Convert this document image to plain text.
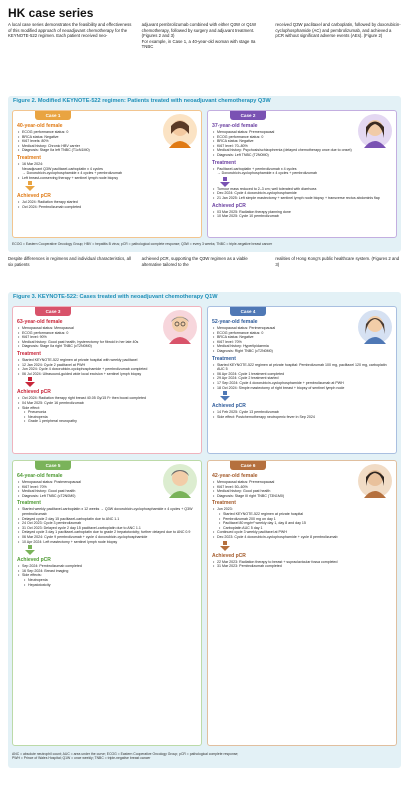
HK case series

A local case series demonstrates the feasibility and effectiveness of this modified approach of neoadjuvant chemotherapy for the KEYNOTE-522 regimen. Each patient received neo-

adjuvant pembrolizumab combined with either Q3W or Q1W chemotherapy, followed by surgery and adjuvant treatment. (Figures 2 and 3)
For example, in Case 1, a 40-year-old woman with stage IIa TNBC

received Q3W paclitaxel and carboplatin, followed by doxorubicin-cyclophosphamide (AC) and pembrolizumab, and achieved a pCR without significant adverse events (AEs). (Figure 2)

Figure 2. Modified KEYNOTE-522 regimen: Patients treated with neoadjuvant chemotherapy Q3W
Case 1
40-year-old female
• ECOG performance status: 0
• BRCA status: Negative
• Ki67 levels: 80%
• Medical history: Chronic HBV carrier
• Diagnosis: Stage IIa left TNBC (T1cN1M0)
Treatment
• 16 Mar 2024:
Neoadjuvant Q3W paclitaxel-carboplatin x 4 cycles
→ Doxorubicin-cyclophosphamide x 4 cycles + pembrolizumab
• Left breast-conserving therapy + sentinel lymph node biopsy
Achieved pCR
• Jul 2024: Radiation therapy started
• Oct 2024: Pembrolizumab completed
Case 2
37-year-old female
• Menopausal status: Premenopausal
• ECOG performance status: 0
• BRCA status: Negative
• Ki67 level: 70–80%
• Medical history: Psychosis/schizophrenia (delayed chemotherapy once due to onset)
• Diagnosis: Left TNBC (T2N0M0)
Treatment
• Paclitaxel-carboplatin + pembrolizumab x 4 cycles
→ Doxorubicin-cyclophosphamide x 4 cycles + pembrolizumab
• Tumour mass reduced to 2–3 cm; well tolerated with diarrhoea
• Dec 2024: Cycle 4 doxorubicin-cyclophosphamide
• 21 Jan 2025: Left simple mastectomy + sentinel lymph node biopsy + transverse rectus abdominis flap
Achieved pCR
• 03 Mar 2025: Radiation therapy planning done
• 10 Mar 2025: Cycle 10 pembrolizumab
ECOG = Eastern Cooperative Oncology Group; HBV = hepatitis B virus; pCR = pathological complete response; Q3W = every 3 weeks; TNBC = triple-negative breast cancer

Despite differences in regimens and individual characteristics, all six patients

achieved pCR, supporting the Q3W regimen as a viable alternative tailored to the

realities of Hong Kong's public healthcare system. (Figures 2 and 3)

Figure 3. KEYNOTE-522: Cases treated with neoadjuvant chemotherapy Q1W
Case 3
63-year-old female
• Menopausal status: Menopausal
• ECOG performance status: 0
• Ki67 level: 90%
• Medical history: Good past health, hysterectomy for fibroid in her late 40s
• Diagnosis: Stage IIa right TNBC (cT2N0M0)
Treatment
• Started KEYNOTE-522 regimen at private hospital with weekly paclitaxel
• 12 Jan 2024: Cycle 2 paclitaxel at PWH
• Jun 2024: Cycle 4 doxorubicin-cyclophosphamide + pembrolizumab completed
• 06 Jul 2024: Ultrasound-guided wide local excision + sentinel lymph biopsy
Achieved pCR
• Oct 2024: Radiation therapy right breast 40.05 Gy/15 Fr then boost completed
• 04 Mar 2025: Cycle 16 pembrolizumab
• Side effect:
• Pneumonia
• Neutropenia
• Grade 1 peripheral neuropathy
Case 4
52-year-old female
• Menopausal status: Perimenopausal
• ECOG performance status: 0
• BRCA status: Negative
• Ki67 level: 70%
• Medical history: Hyperlipidaemia
• Diagnosis: Right TNBC (cT2N0M0)
Treatment
• Started KEYNOTE-522 regimen at private hospital: Pembrolizumab 100 mg, paclitaxel 120 mg, carboplatin AUC 5
• 06 Apr 2024: Cycle 1 treatment completed
• 29 Apr 2024: Cycle 2 treatment started
• 17 Sep 2024: Cycle 4 doxorubicin-cyclophosphamide + pembrolizumab at PWH
• 18 Oct 2024: Simple mastectomy of right breast + biopsy of sentinel lymph node
Achieved pCR
• 14 Feb 2025: Cycle 13 pembrolizumab
• Side effect: Postchemotherapy neutropenic fever in Sep 2024
Case 5
64-year-old female
• Menopausal status: Postmenopausal
• Ki67 level: 70%
• Medical history: Good past health
• Diagnosis: Left TNBC (cT2N0M0)
Treatment
• Started weekly paclitaxel-carboplatin x 12 weeks → Q3W doxorubicin-cyclophosphamide x 4 cycles + Q3W pembrolizumab
• Delayed cycle 2 day 15 paclitaxel-carboplatin due to ANC 1.1
• 24 Oct 2023: Cycle 3 pembrolizumab
• 31 Oct 2023: Delayed cycle 2 day 15 paclitaxel-carboplatin due to ANC 1.1
• Delayed cycle 3 day 1 paclitaxel-carboplatin due to grade 2 hepatotoxicity; further delayed due to ANC 0.9
• 06 Mar 2024: Cycle 9 pembrolizumab + cycle 4 doxorubicin-cyclophosphamide
• 10 Apr 2024: Left mastectomy + sentinel lymph node biopsy
Achieved pCR
• Sep 2024: Pembrolizumab completed
• 16 Sep 2024: Breast imaging
• Side effects:
• Neutropenia
• Hepatotoxicity
Case 6
42-year-old female
• Menopausal status: Premenopausal
• Ki67 level: 50–60%
• Medical history: Good past health
• Diagnosis: Stage III right TNBC (T3N1M0)
Treatment
• Jun 2023:
• Started KEYNOTE-522 regimen at private hospital
• Pembrolizumab 200 mg on day 1
• Paclitaxel 80 mg/m² weekly day 1, day 8 and day 15
• Carboplatin AUC 5 day 1
• Continued cycle 3 weekly paclitaxel at PWH
• Dec 2023: Cycle 4 doxorubicin-cyclophosphamide + cycle 8 pembrolizumab
Achieved pCR
• 22 Mar 2023: Radiation therapy to breast + supraclavicular fossa completed
• 31 Mar 2023: Pembrolizumab completed
ANC = absolute neutrophil count; AUC = area under the curve; ECOG = Eastern Cooperative Oncology Group; pCR = pathological complete response;
PWH = Prince of Wales Hospital; Q1W = once weekly; TNBC = triple-negative breast cancer
